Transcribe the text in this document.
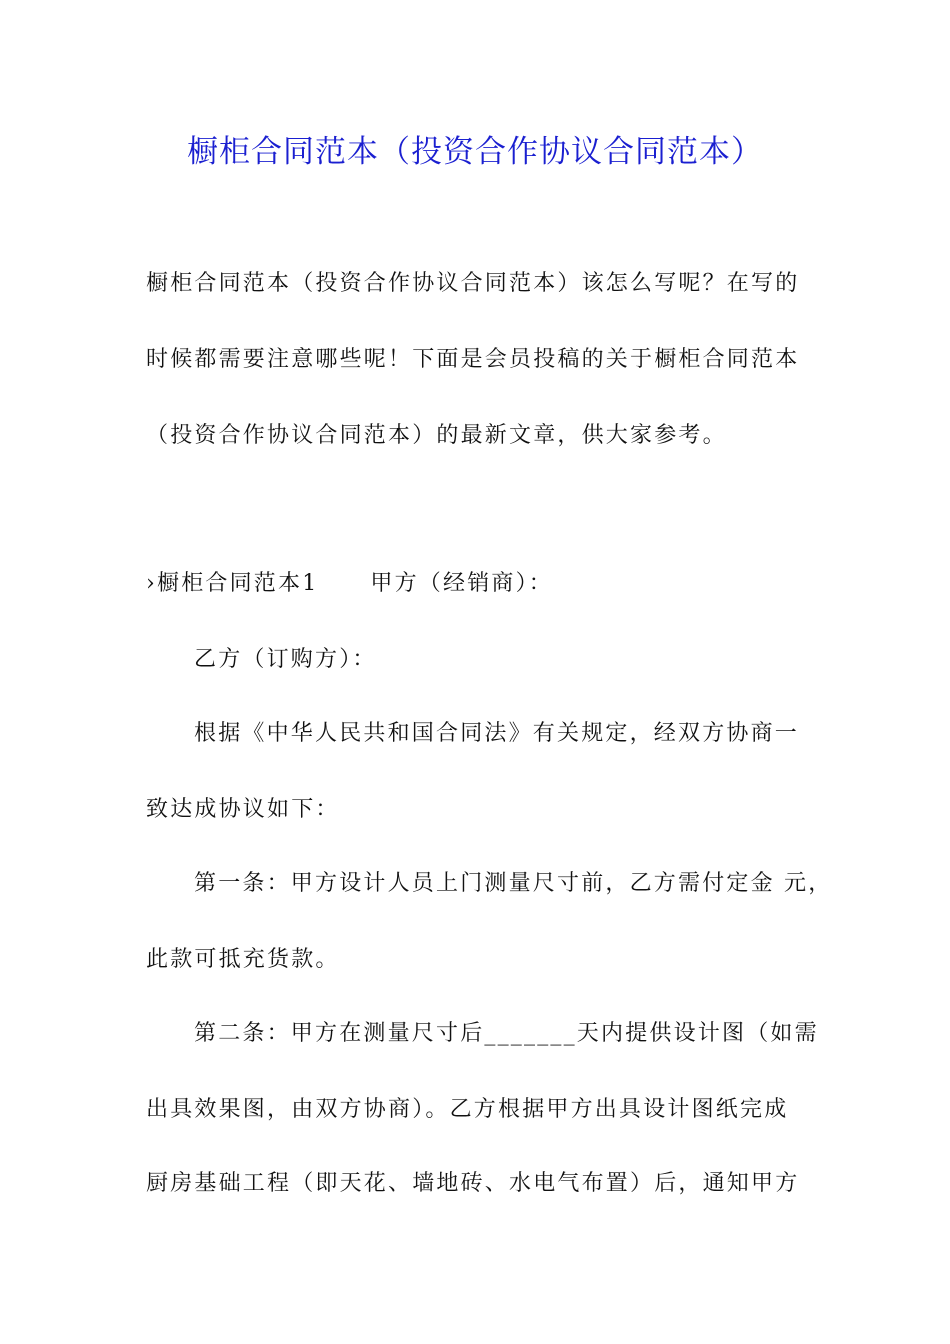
橱柜合同范本（投资合作协议合同范本）
橱柜合同范本（投资合作协议合同范本）该怎么写呢？在写的
时候都需要注意哪些呢！下面是会员投稿的关于橱柜合同范本
（投资合作协议合同范本）的最新文章，供大家参考。
›橱柜合同范本1 甲方（经销商）：
乙方（订购方）：
根据《中华人民共和国合同法》有关规定，经双方协商一
致达成协议如下：
第一条：甲方设计人员上门测量尺寸前，乙方需付定金 元，
此款可抵充货款。
第二条：甲方在测量尺寸后_______天内提供设计图（如需
出具效果图，由双方协商）。乙方根据甲方出具设计图纸完成
厨房基础工程（即天花、墙地砖、水电气布置）后，通知甲方
